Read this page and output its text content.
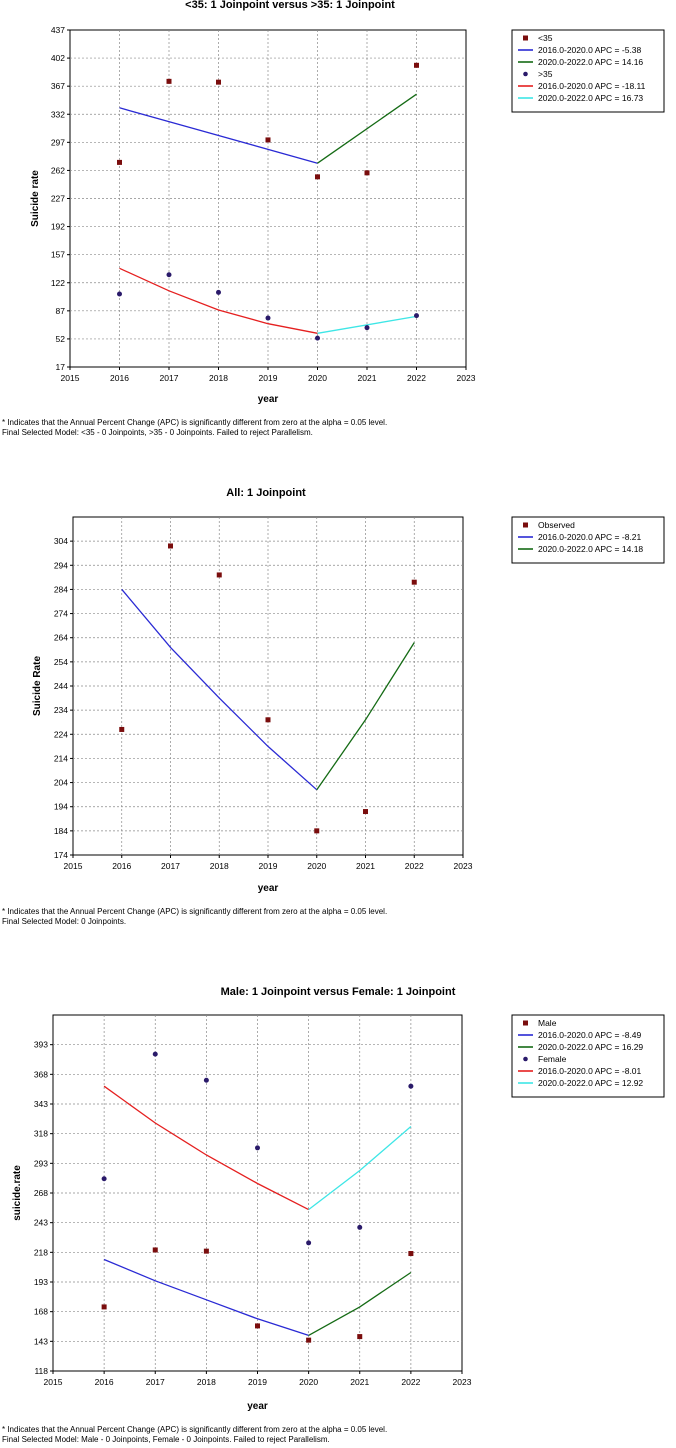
<35: 1 Joinpoint versus >35: 1 Joinpoint
2015	2016	2017	2018	2019	2020	2021	2022	2023
17
52
87
122
157
192
227
262
297
332
367
402
437
year
Suicide rate
<35
2016.0-2020.0 APC = -5.38
2020.0-2022.0 APC = 14.16
>35
2016.0-2020.0 APC = -18.11
2020.0-2022.0 APC = 16.73
* Indicates that the Annual Percent Change (APC) is significantly different from zero at the alpha = 0.05 level.
Final Selected Model: <35 - 0 Joinpoints, >35 - 0 Joinpoints. Failed to reject Parallelism.
All: 1 Joinpoint
2015	2016	2017	2018	2019	2020	2021	2022	2023
174
184
194
204
214
224
234
244
254
264
274
284
294
304
year
Suicide Rate
Observed
2016.0-2020.0 APC = -8.21
2020.0-2022.0 APC = 14.18
* Indicates that the Annual Percent Change (APC) is significantly different from zero at the alpha = 0.05 level.
Final Selected Model: 0 Joinpoints.
Male: 1 Joinpoint versus Female: 1 Joinpoint
2015	2016	2017	2018	2019	2020	2021	2022	2023
118
143
168
193
218
243
268
293
318
343
368
393
year
suicide.rate
Male
2016.0-2020.0 APC = -8.49
2020.0-2022.0 APC = 16.29
Female
2016.0-2020.0 APC = -8.01
2020.0-2022.0 APC = 12.92
* Indicates that the Annual Percent Change (APC) is significantly different from zero at the alpha = 0.05 level.
Final Selected Model: Male - 0 Joinpoints, Female - 0 Joinpoints. Failed to reject Parallelism.
